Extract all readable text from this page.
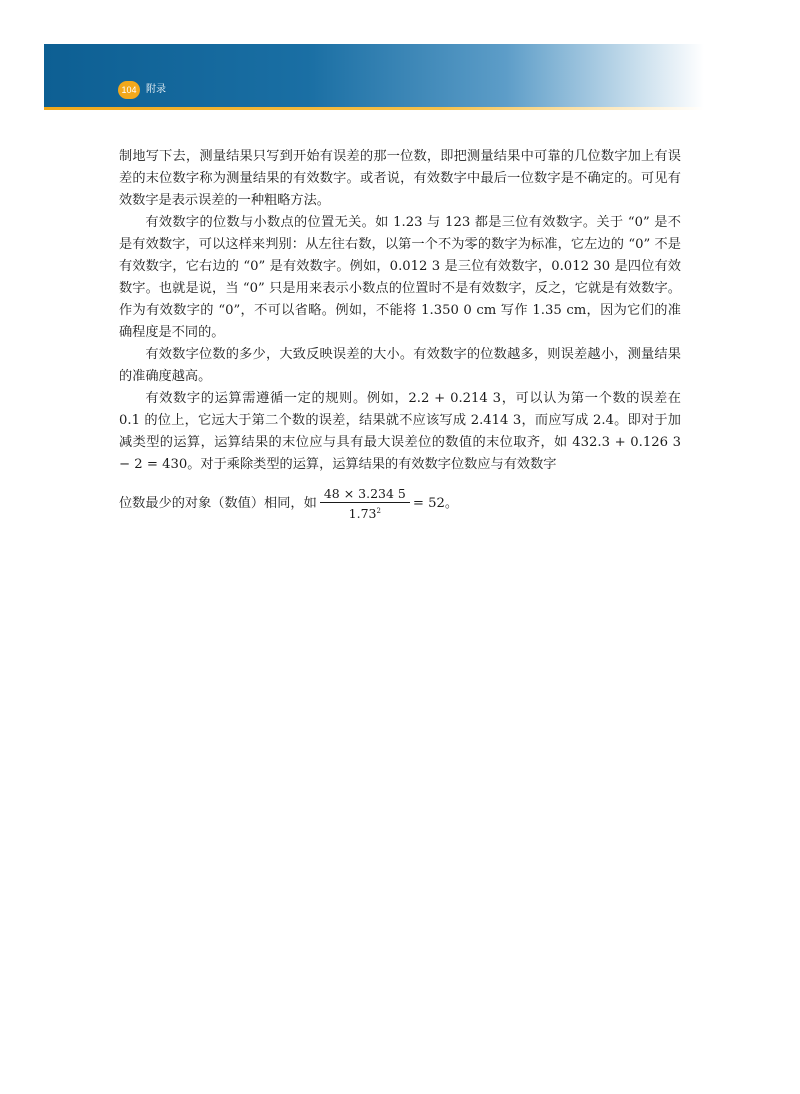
104 附录

制地写下去，测量结果只写到开始有误差的那一位数，即把测量结果中可靠的几位数字加上有误差的末位数字称为测量结果的有效数字。或者说，有效数字中最后一位数字是不确定的。可见有效数字是表示误差的一种粗略方法。

有效数字的位数与小数点的位置无关。如 1.23 与 123 都是三位有效数字。关于 “0” 是不是有效数字，可以这样来判别：从左往右数，以第一个不为零的数字为标准，它左边的 “0” 不是有效数字，它右边的 “0” 是有效数字。例如，0.012 3 是三位有效数字，0.012 30 是四位有效数字。也就是说，当 “0” 只是用来表示小数点的位置时不是有效数字，反之，它就是有效数字。作为有效数字的 “0”，不可以省略。例如，不能将 1.350 0 cm 写作 1.35 cm，因为它们的准确程度是不同的。

有效数字位数的多少，大致反映误差的大小。有效数字的位数越多，则误差越小，测量结果的准确度越高。

有效数字的运算需遵循一定的规则。例如，2.2 + 0.214 3，可以认为第一个数的误差在 0.1 的位上，它远大于第二个数的误差，结果就不应该写成 2.414 3，而应写成 2.4。即对于加减类型的运算，运算结果的末位应与具有最大误差位的数值的末位取齐，如 432.3 + 0.126 3 − 2 = 430。对于乘除类型的运算，运算结果的有效数字位数应与有效数字

位数最少的对象（数值）相同，如 $\frac{48 \times 3.234 5}{1.73^2} = 52$。
